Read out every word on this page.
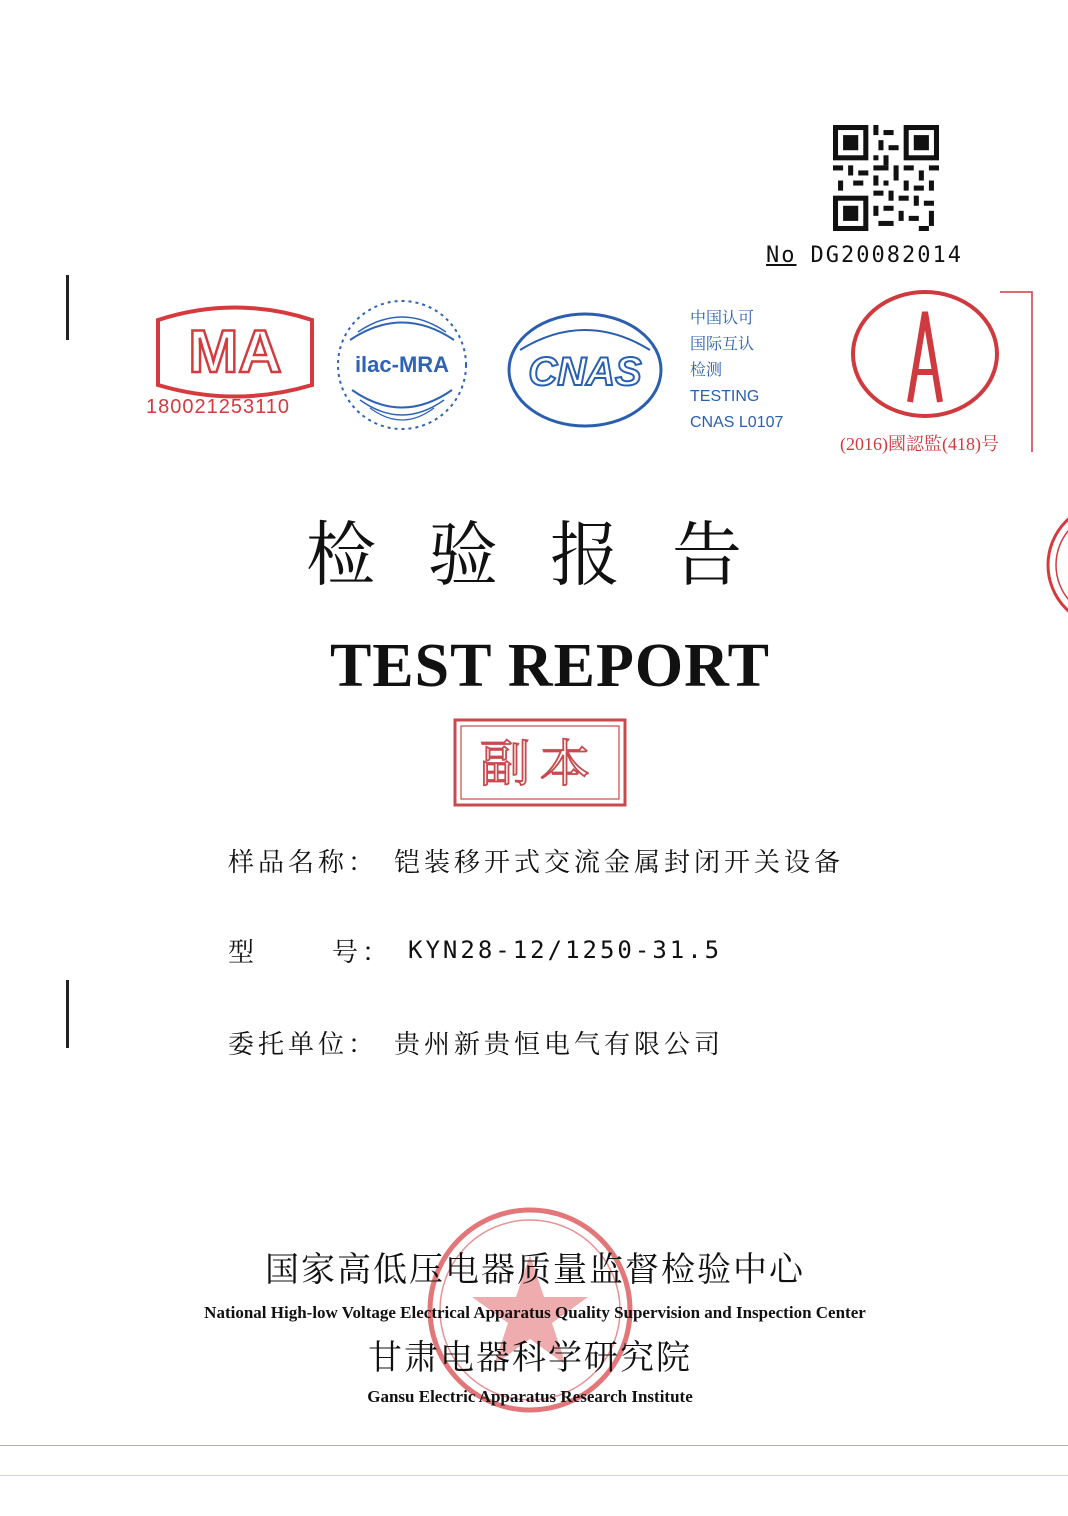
No DG20082014
MA
180021253110
ilac-MRA CNAS
中国认可
国际互认
检测
TESTING
CNAS L0107
(2016)國認監(418)号
检验报告
TEST REPORT
副本
样品名称 ： 铠装移开式交流金属封闭开关设备
型	号 ： KYN28-12/1250-31.5
委托单位 ： 贵州新贵恒电气有限公司
国家高低压电器质量监督检验中心
National High-low Voltage Electrical Apparatus Quality Supervision and Inspection Center
甘肃电器科学研究院
Gansu Electric Apparatus Research Institute
